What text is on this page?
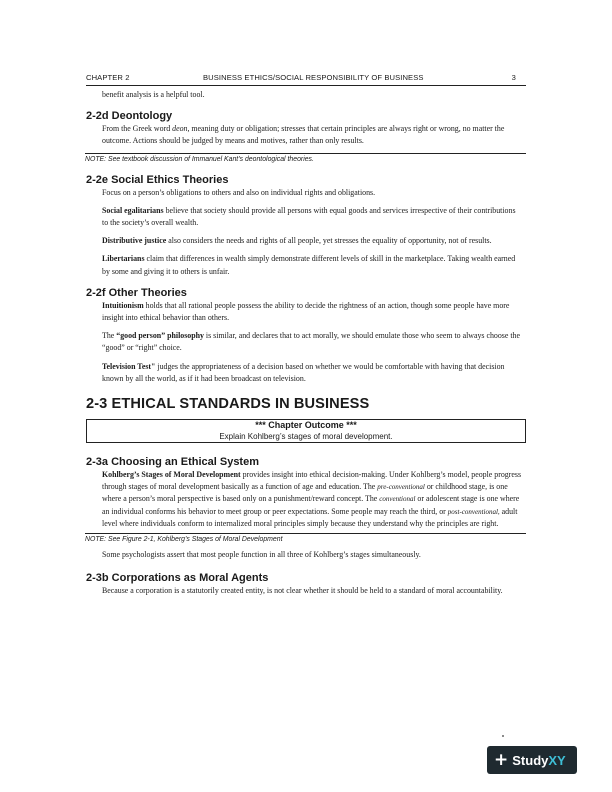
CHAPTER 2	BUSINESS ETHICS/SOCIAL RESPONSIBILITY OF BUSINESS	3

benefit analysis is a helpful tool.

2-2d Deontology

From the Greek word deon, meaning duty or obligation; stresses that certain principles are always right or wrong, no matter the outcome. Actions should be judged by means and motives, rather than only results.

NOTE: See textbook discussion of Immanuel Kant’s deontological theories.

2-2e Social Ethics Theories

Focus on a person’s obligations to others and also on individual rights and obligations.

Social egalitarians believe that society should provide all persons with equal goods and services irrespective of their contributions to the society’s overall wealth.

Distributive justice also considers the needs and rights of all people, yet stresses the equality of opportunity, not of results.

Libertarians claim that differences in wealth simply demonstrate different levels of skill in the marketplace. Taking wealth earned by some and giving it to others is unfair.

2-2f Other Theories

Intuitionism holds that all rational people possess the ability to decide the rightness of an action, though some people have more insight into ethical behavior than others.

The “good person” philosophy is similar, and declares that to act morally, we should emulate those who seem to always choose the “good” or “right” choice.

Television Test" judges the appropriateness of a decision based on whether we would be comfortable with having that decision known by all the world, as if it had been broadcast on television.

2-3 ETHICAL STANDARDS IN BUSINESS
*** Chapter Outcome ***
Explain Kohlberg’s stages of moral development.
2-3a Choosing an Ethical System

Kohlberg’s Stages of Moral Development provides insight into ethical decision-making. Under Kohlberg’s model, people progress through stages of moral development basically as a function of age and education. The pre-conventional or childhood stage, is one where a person’s moral perspective is based only on a punishment/reward concept. The conventional or adolescent stage is one where an individual conforms his behavior to meet group or peer expectations. Some people may reach the third, or post-conventional, adult level where individuals conform to internalized moral principles simply because they understand why the principles are right.

NOTE: See Figure 2-1, Kohlberg’s Stages of Moral Development

Some psychologists assert that most people function in all three of Kohlberg’s stages simultaneously.

2-3b Corporations as Moral Agents

Because a corporation is a statutorily created entity, is not clear whether it should be held to a standard of moral accountability.

+ StudyXY
